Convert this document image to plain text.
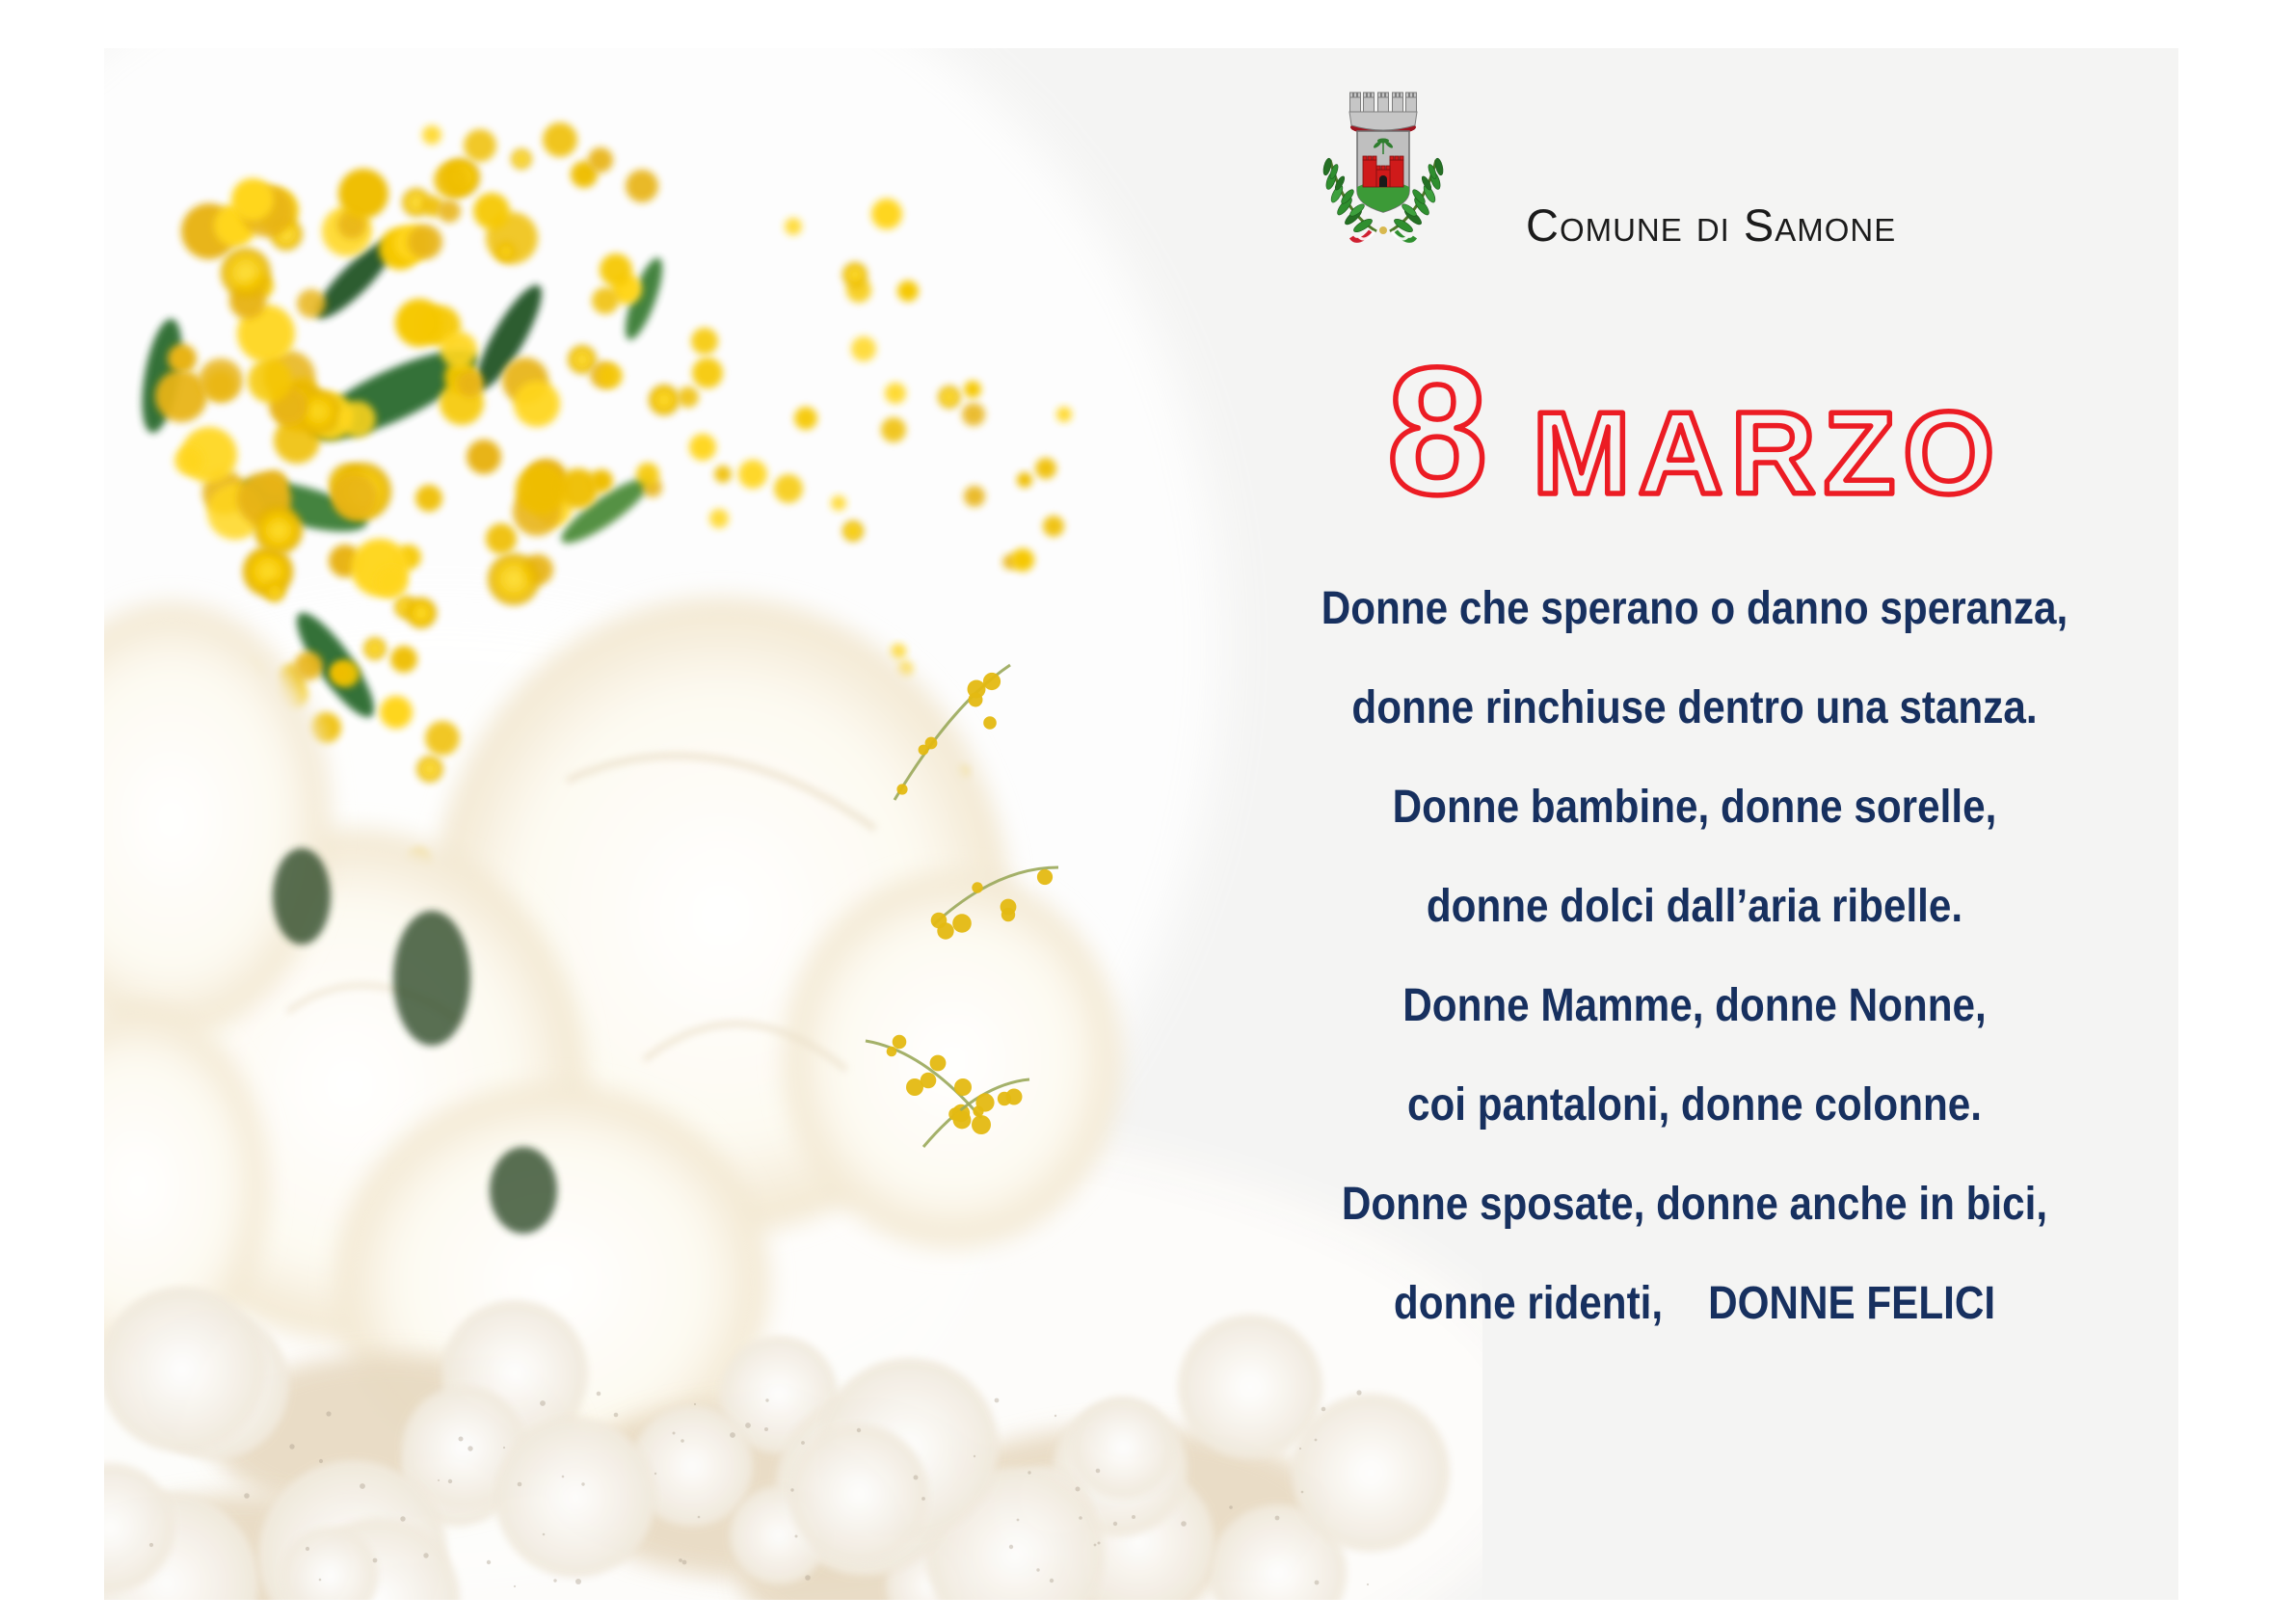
Comune di Samone
8 MARZO
Donne che sperano o danno speranza,
donne rinchiuse dentro una stanza.
Donne bambine, donne sorelle,
donne dolci dall’aria ribelle.
Donne Mamme, donne Nonne,
coi pantaloni, donne colonne.
Donne sposate, donne anche in bici,
donne ridenti,    DONNE FELICI
